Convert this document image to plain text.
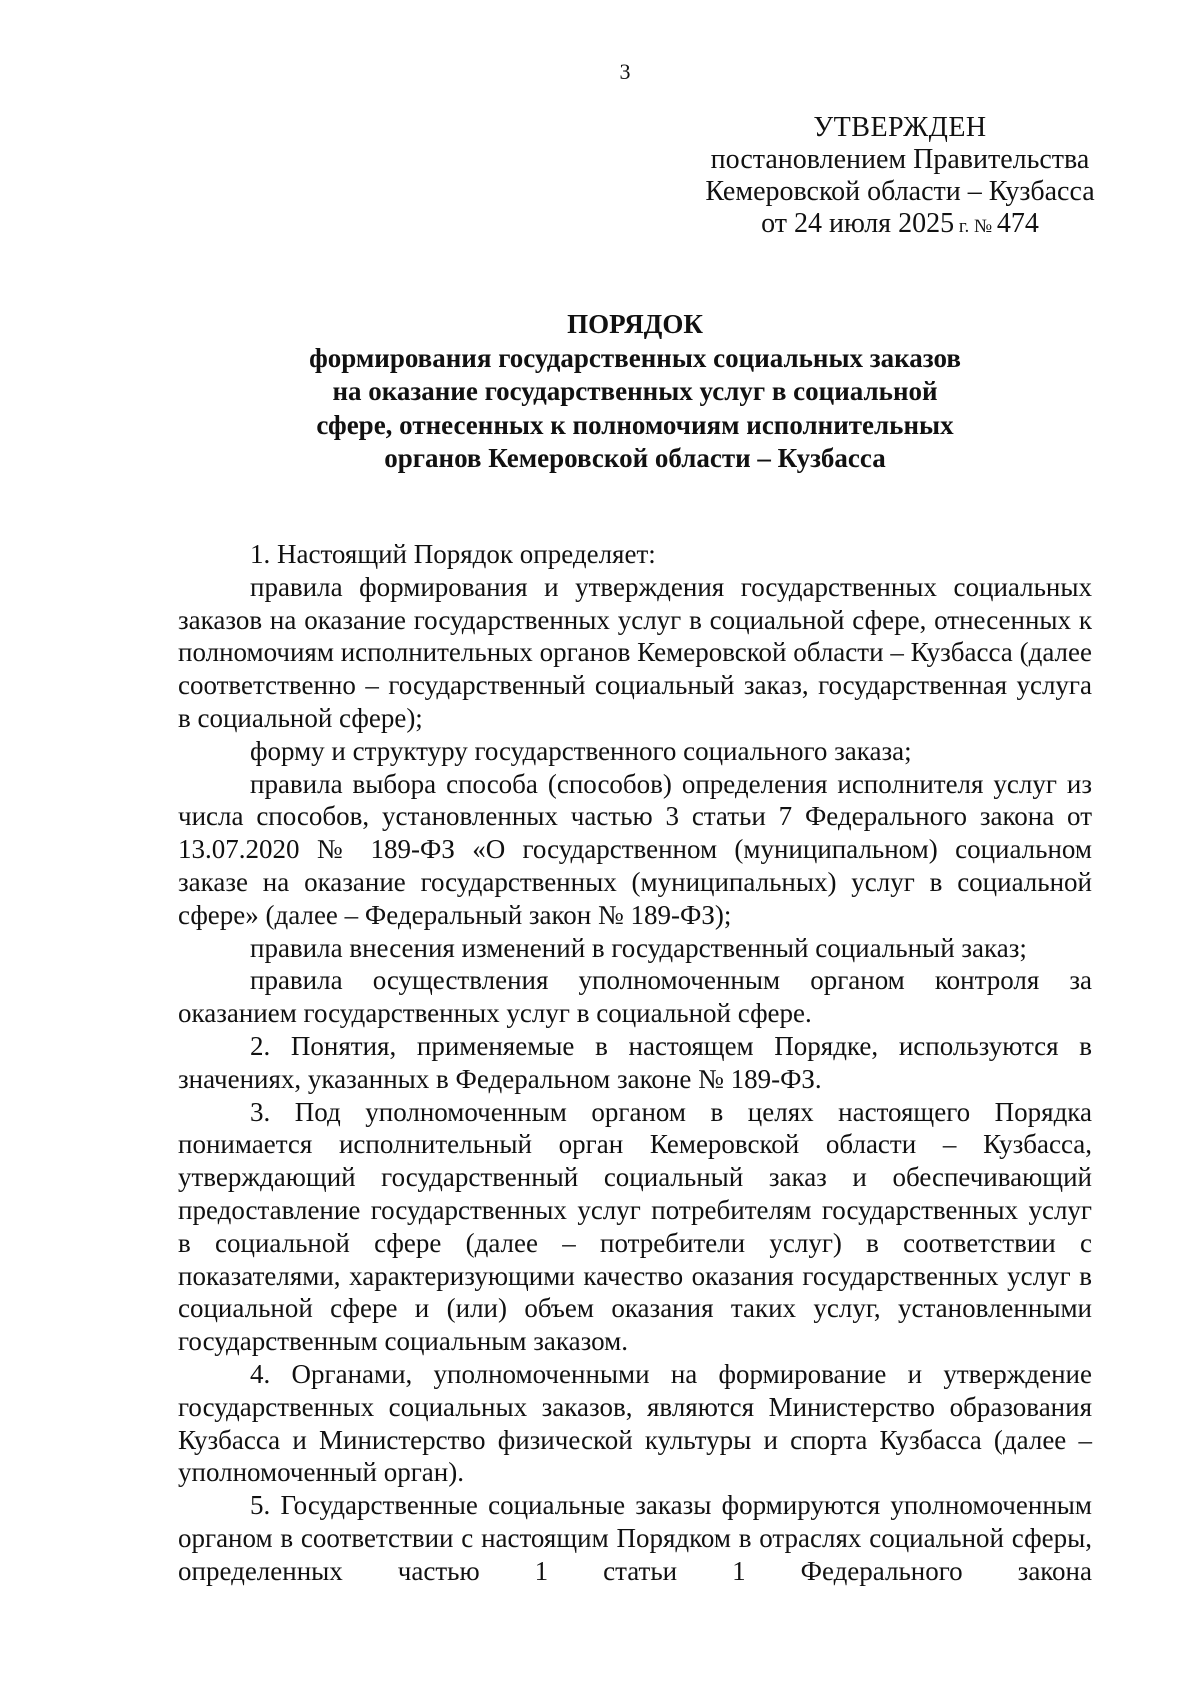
3
УТВЕРЖДЕН
постановлением Правительства
Кемеровской области – Кузбасса
от 24 июля 2025 г. № 474
ПОРЯДОК
формирования государственных социальных заказов
на оказание государственных услуг в социальной
сфере, отнесенных к полномочиям исполнительных
органов Кемеровской области – Кузбасса

1. Настоящий Порядок определяет:

правила формирования и утверждения государственных социальных заказов на оказание государственных услуг в социальной сфере, отнесенных к полномочиям исполнительных органов Кемеровской области – Кузбасса (далее соответственно – государственный социальный заказ, государственная услуга в социальной сфере);

форму и структуру государственного социального заказа;

правила выбора способа (способов) определения исполнителя услуг из числа способов, установленных частью 3 статьи 7 Федерального закона от 13.07.2020 № 189-ФЗ «О государственном (муниципальном) социальном заказе на оказание государственных (муниципальных) услуг в социальной сфере» (далее – Федеральный закон № 189-ФЗ);

правила внесения изменений в государственный социальный заказ;

правила осуществления уполномоченным органом контроля за оказанием государственных услуг в социальной сфере.

2. Понятия, применяемые в настоящем Порядке, используются в значениях, указанных в Федеральном законе № 189-ФЗ.

3. Под уполномоченным органом в целях настоящего Порядка понимается исполнительный орган Кемеровской области – Кузбасса, утверждающий государственный социальный заказ и обеспечивающий предоставление государственных услуг потребителям государственных услуг в социальной сфере (далее – потребители услуг) в соответствии с показателями, характеризующими качество оказания государственных услуг в социальной сфере и (или) объем оказания таких услуг, установленными государственным социальным заказом.

4. Органами, уполномоченными на формирование и утверждение государственных социальных заказов, являются Министерство образования Кузбасса и Министерство физической культуры и спорта Кузбасса (далее – уполномоченный орган).

5. Государственные социальные заказы формируются уполномоченным органом в соответствии с настоящим Порядком в отраслях социальной сферы, определенных частью 1 статьи 1 Федерального закона
